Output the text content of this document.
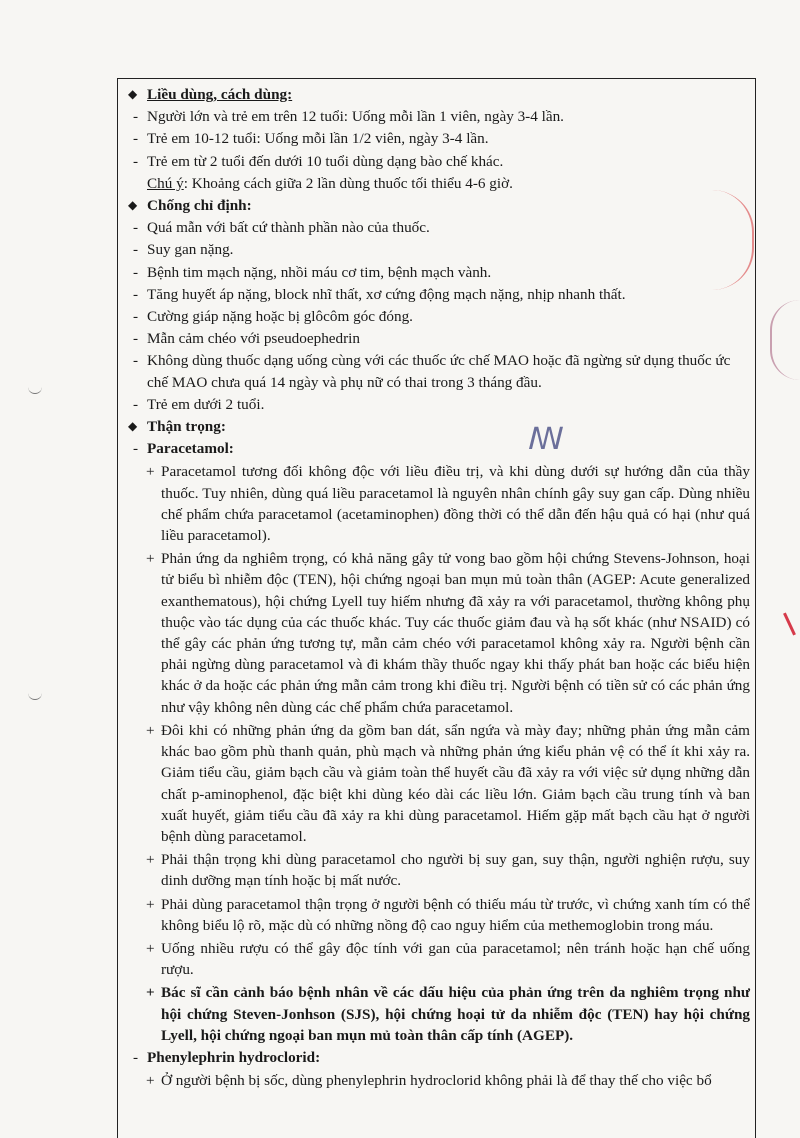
ꟿ
◆ Liều dùng, cách dùng:
- Người lớn và trẻ em trên 12 tuổi: Uống mỗi lần 1 viên, ngày 3-4 lần.
- Trẻ em 10-12 tuổi: Uống mỗi lần 1/2 viên, ngày 3-4 lần.
- Trẻ em từ 2 tuổi đến dưới 10 tuổi dùng dạng bào chế khác.
Chú ý: Khoảng cách giữa 2 lần dùng thuốc tối thiểu 4-6 giờ.
◆ Chống chỉ định:
- Quá mẫn với bất cứ thành phần nào của thuốc.
- Suy gan nặng.
- Bệnh tim mạch nặng, nhồi máu cơ tim, bệnh mạch vành.
- Tăng huyết áp nặng, block nhĩ thất, xơ cứng động mạch nặng, nhịp nhanh thất.
- Cường giáp nặng hoặc bị glôcôm góc đóng.
- Mẫn cảm chéo với pseudoephedrin
- Không dùng thuốc dạng uống cùng với các thuốc ức chế MAO hoặc đã ngừng sử dụng thuốc ức chế MAO chưa quá 14 ngày và phụ nữ có thai trong 3 tháng đầu.
- Trẻ em dưới 2 tuổi.
◆ Thận trọng:
- Paracetamol:
+ Paracetamol tương đối không độc với liều điều trị, và khi dùng dưới sự hướng dẫn của thầy thuốc. Tuy nhiên, dùng quá liều paracetamol là nguyên nhân chính gây suy gan cấp. Dùng nhiều chế phẩm chứa paracetamol (acetaminophen) đồng thời có thể dẫn đến hậu quả có hại (như quá liều paracetamol).
+ Phản ứng da nghiêm trọng, có khả năng gây tử vong bao gồm hội chứng Stevens-Johnson, hoại tử biểu bì nhiễm độc (TEN), hội chứng ngoại ban mụn mủ toàn thân (AGEP: Acute generalized exanthematous), hội chứng Lyell tuy hiếm nhưng đã xảy ra với paracetamol, thường không phụ thuộc vào tác dụng của các thuốc khác. Tuy các thuốc giảm đau và hạ sốt khác (như NSAID) có thể gây các phản ứng tương tự, mẫn cảm chéo với paracetamol không xảy ra. Người bệnh cần phải ngừng dùng paracetamol và đi khám thầy thuốc ngay khi thấy phát ban hoặc các biểu hiện khác ở da hoặc các phản ứng mẫn cảm trong khi điều trị. Người bệnh có tiền sử có các phản ứng như vậy không nên dùng các chế phẩm chứa paracetamol.
+ Đôi khi có những phản ứng da gồm ban dát, sẩn ngứa và mày đay; những phản ứng mẫn cảm khác bao gồm phù thanh quản, phù mạch và những phản ứng kiểu phản vệ có thể ít khi xảy ra. Giảm tiểu cầu, giảm bạch cầu và giảm toàn thể huyết cầu đã xảy ra với việc sử dụng những dẫn chất p-aminophenol, đặc biệt khi dùng kéo dài các liều lớn. Giảm bạch cầu trung tính và ban xuất huyết, giảm tiểu cầu đã xảy ra khi dùng paracetamol. Hiếm gặp mất bạch cầu hạt ở người bệnh dùng paracetamol.
+ Phải thận trọng khi dùng paracetamol cho người bị suy gan, suy thận, người nghiện rượu, suy dinh dưỡng mạn tính hoặc bị mất nước.
+ Phải dùng paracetamol thận trọng ở người bệnh có thiếu máu từ trước, vì chứng xanh tím có thể không biểu lộ rõ, mặc dù có những nồng độ cao nguy hiểm của methemoglobin trong máu.
+ Uống nhiều rượu có thể gây độc tính với gan của paracetamol; nên tránh hoặc hạn chế uống rượu.
+ Bác sĩ cần cảnh báo bệnh nhân về các dấu hiệu của phản ứng trên da nghiêm trọng như hội chứng Steven-Jonhson (SJS), hội chứng hoại tử da nhiễm độc (TEN) hay hội chứng Lyell, hội chứng ngoại ban mụn mủ toàn thân cấp tính (AGEP).
- Phenylephrin hydroclorid:
+ Ở người bệnh bị sốc, dùng phenylephrin hydroclorid không phải là để thay thế cho việc bổ
